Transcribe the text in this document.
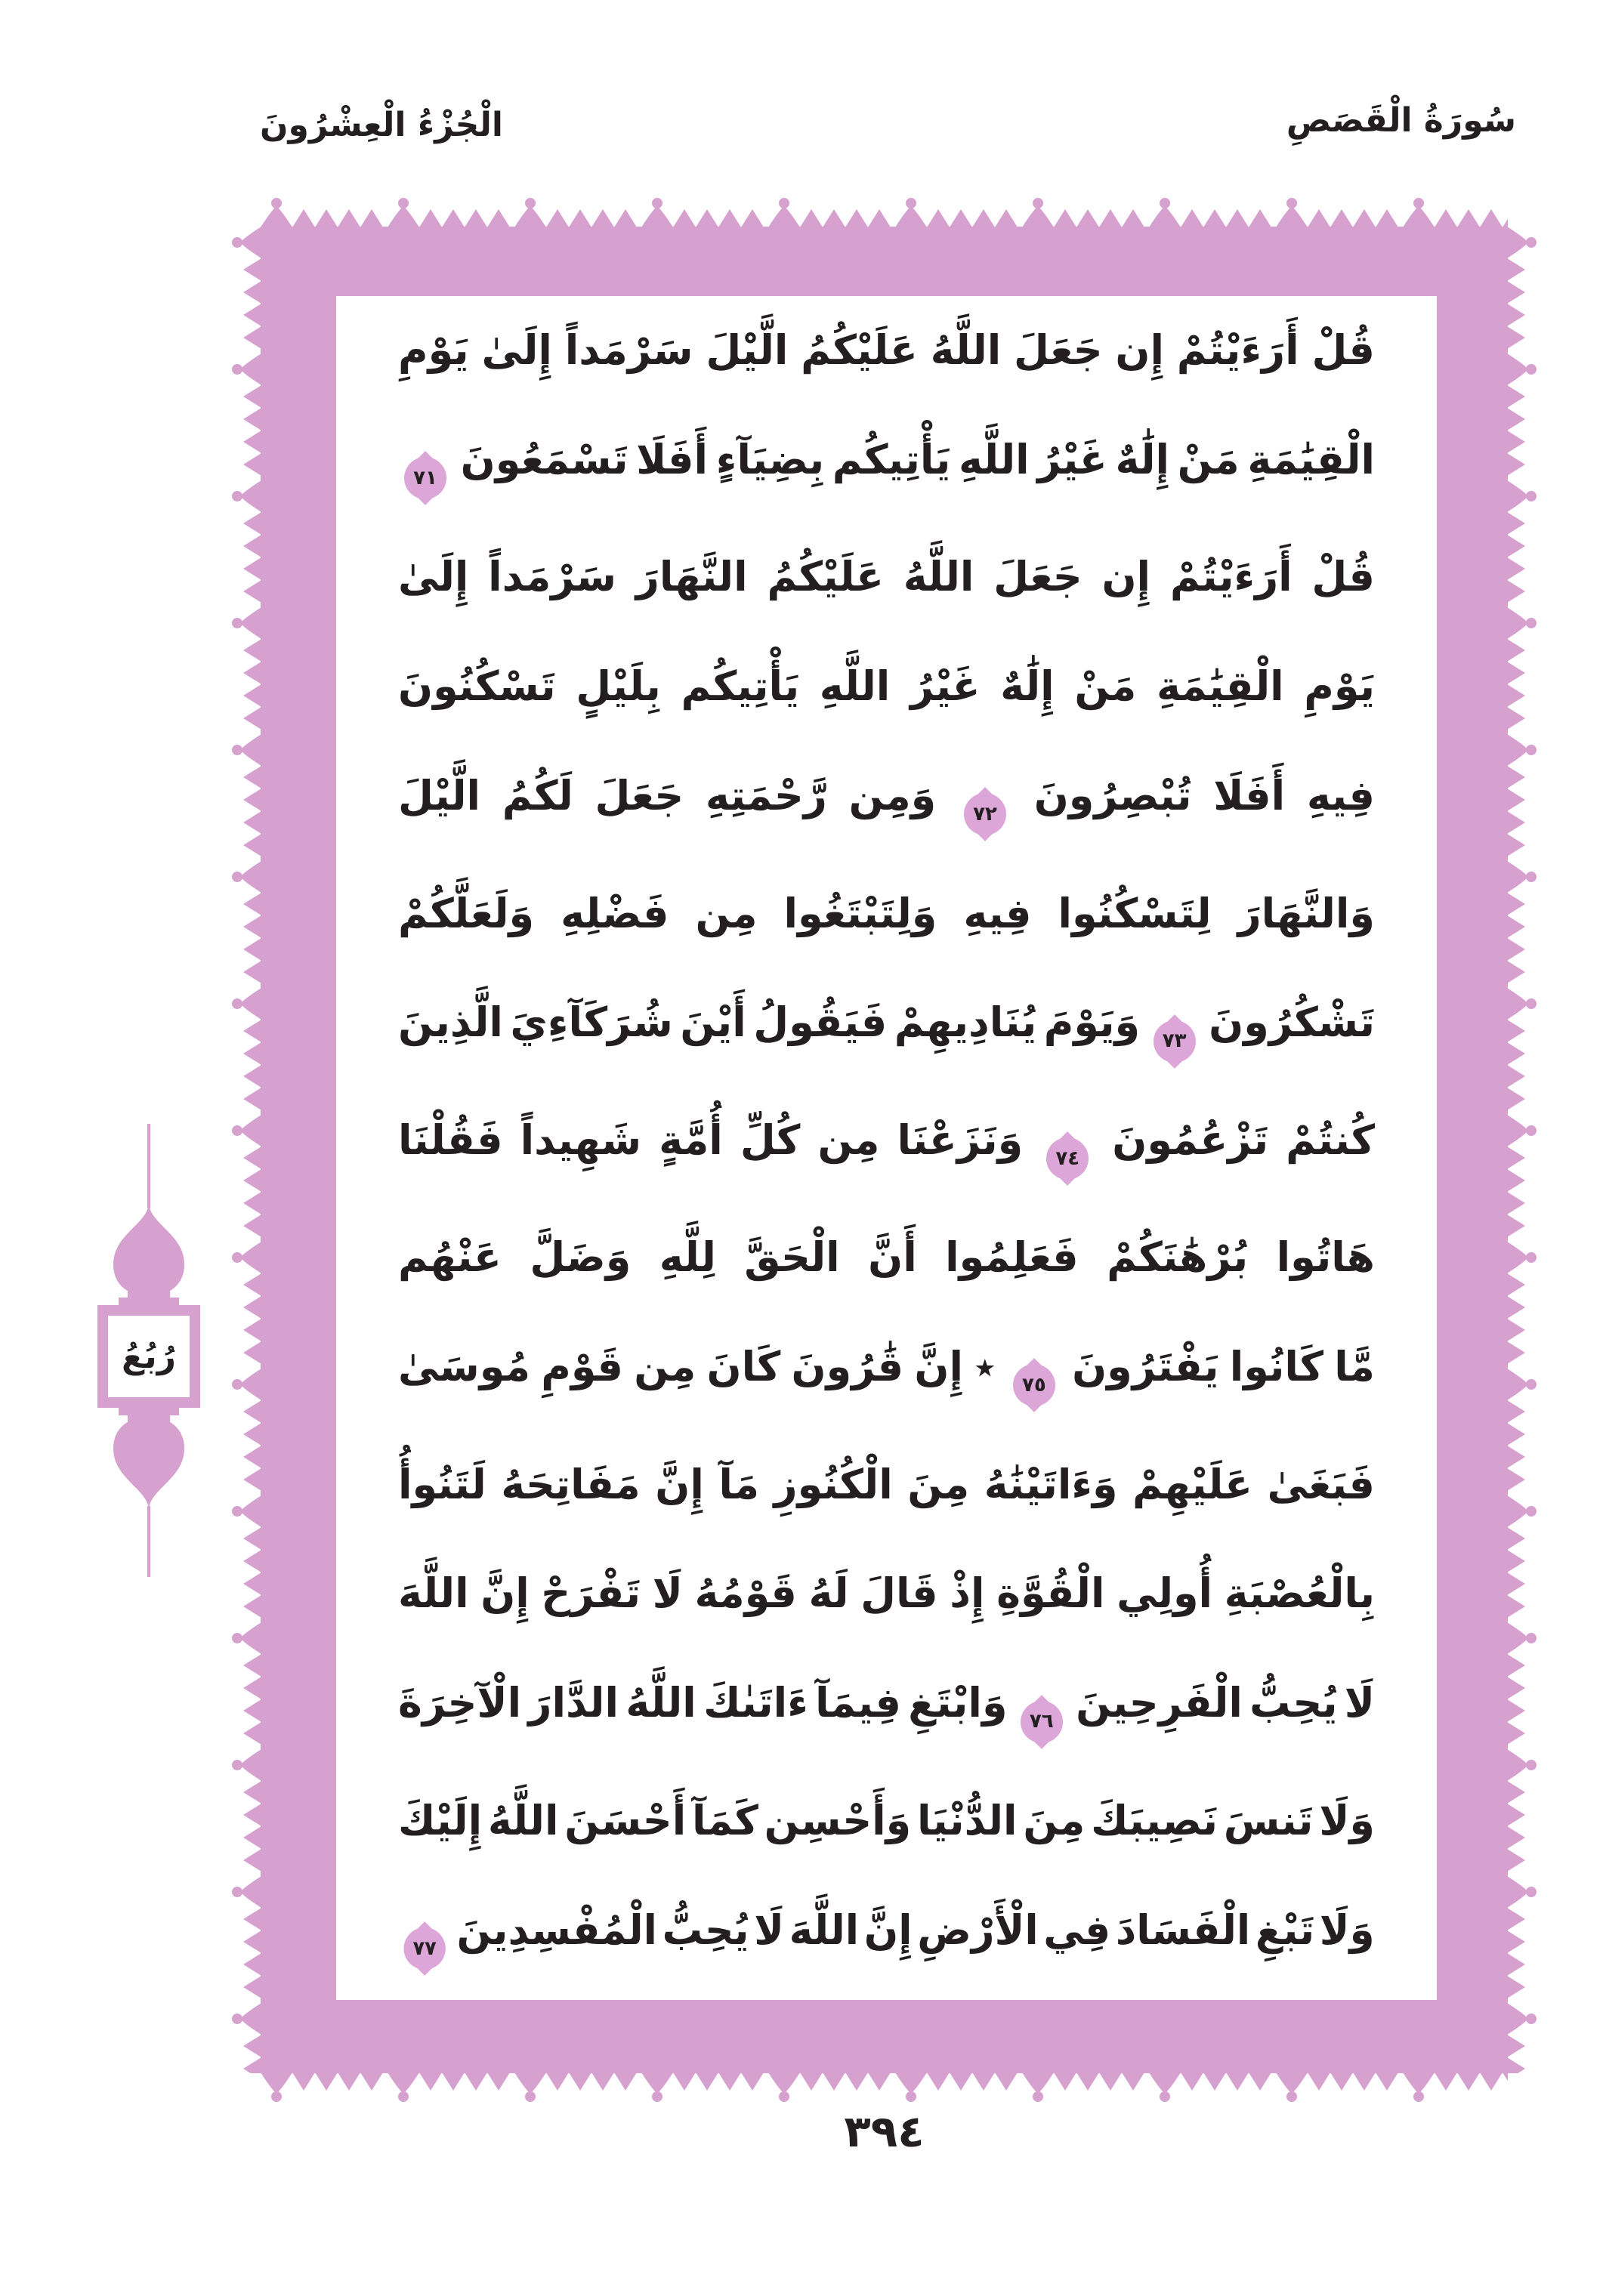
الْجُزْءُ الْعِشْرُونَ	سُورَةُ الْقَصَصِ
رُبُعُ
قُلْ أَرَءَيْتُمْ إِن جَعَلَ اللَّهُ عَلَيْكُمُ الَّيْلَ سَرْمَداً إِلَىٰ يَوْمِ
الْقِيَٰمَةِ مَنْ إِلَٰهٌ غَيْرُ اللَّهِ يَأْتِيكُم بِضِيَآءٍ أَفَلَا تَسْمَعُونَ ٧١
قُلْ أَرَءَيْتُمْ إِن جَعَلَ اللَّهُ عَلَيْكُمُ النَّهَارَ سَرْمَداً إِلَىٰ
يَوْمِ الْقِيَٰمَةِ مَنْ إِلَٰهٌ غَيْرُ اللَّهِ يَأْتِيكُم بِلَيْلٍ تَسْكُنُونَ
فِيهِ أَفَلَا تُبْصِرُونَ ٧٢ وَمِن رَّحْمَتِهِ جَعَلَ لَكُمُ الَّيْلَ
وَالنَّهَارَ لِتَسْكُنُوا فِيهِ وَلِتَبْتَغُوا مِن فَضْلِهِ وَلَعَلَّكُمْ
تَشْكُرُونَ ٧٣ وَيَوْمَ يُنَادِيهِمْ فَيَقُولُ أَيْنَ شُرَكَآءِيَ الَّذِينَ
كُنتُمْ تَزْعُمُونَ ٧٤ وَنَزَعْنَا مِن كُلِّ أُمَّةٍ شَهِيداً فَقُلْنَا
هَاتُوا بُرْهَٰنَكُمْ فَعَلِمُوا أَنَّ الْحَقَّ لِلَّهِ وَضَلَّ عَنْهُم
مَّا كَانُوا يَفْتَرُونَ ٧٥ ٭ إِنَّ قَٰرُونَ كَانَ مِن قَوْمِ مُوسَىٰ
فَبَغَىٰ عَلَيْهِمْ وَءَاتَيْنَٰهُ مِنَ الْكُنُوزِ مَآ إِنَّ مَفَاتِحَهُ لَتَنُوأُ
بِالْعُصْبَةِ أُولِي الْقُوَّةِ إِذْ قَالَ لَهُ قَوْمُهُ لَا تَفْرَحْ إِنَّ اللَّهَ
لَا يُحِبُّ الْفَرِحِينَ ٧٦ وَابْتَغِ فِيمَآ ءَاتَىٰكَ اللَّهُ الدَّارَ الْآخِرَةَ
وَلَا تَنسَ نَصِيبَكَ مِنَ الدُّنْيَا وَأَحْسِن كَمَآ أَحْسَنَ اللَّهُ إِلَيْكَ
وَلَا تَبْغِ الْفَسَادَ فِي الْأَرْضِ إِنَّ اللَّهَ لَا يُحِبُّ الْمُفْسِدِينَ ٧٧
٣٩٤
